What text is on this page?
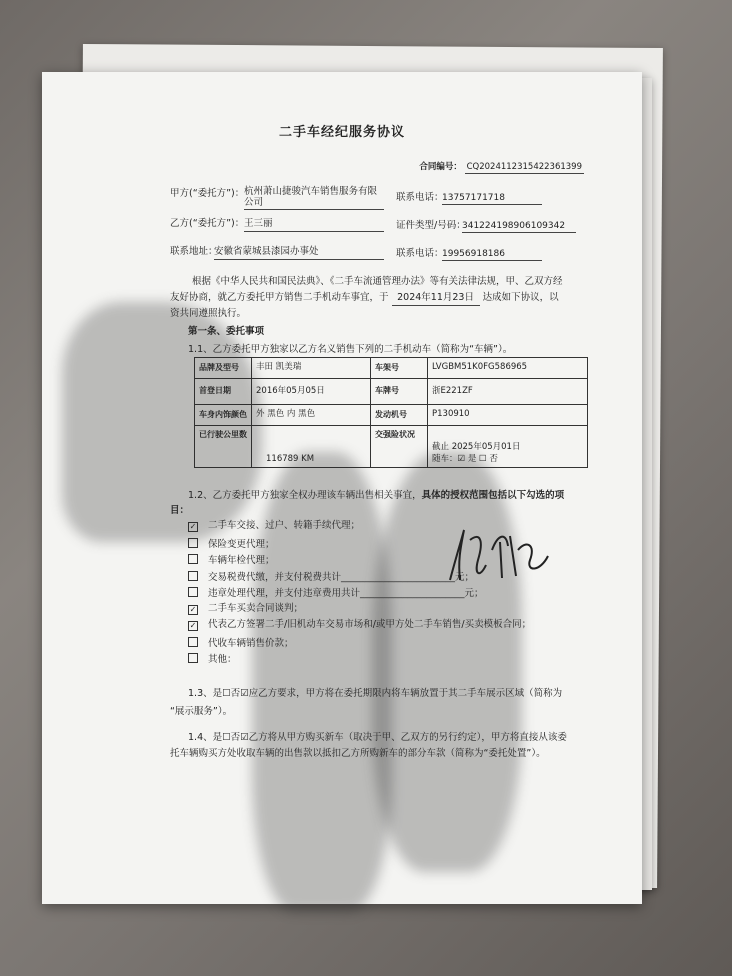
二手车经纪服务协议
合同编号： CQ20241123154223613​99
甲方(“委托方”)： 杭州萧山捷骏汽车销售服务有限公司	联系电话：
13757171718
乙方(“委托方”)： 王三丽	证件类型/号码：
341224198906109342
联系地址：
安徽省蒙城县漆园办事处	联系电话：
19956918186
根据《中华人民共和国民法典》、《二手车流通管理办法》等有关法律法规，甲、乙双方经
友好协商，就乙方委托甲方销售二手机动车事宜，于 2024年11月23日 达成如下协议，以
资共同遵照执行。
第一条、委托事项
1.1、乙方委托甲方独家以乙方名义销售下列的二手机动车（简称为“车辆”）。
品牌及型号	丰田 凯美瑞	车架号	LVGBM51K0FG586965
首登日期	2016年05月05日	车牌号	浙E221ZF
车身内饰颜色	外 黑色 内 黑色	发动机号	P130910
已行驶公里数	116789 KM	交强险状况	截止 2025年05月01日
随车：☑ 是 ☐ 否
1.2、乙方委托甲方独家全权办理该车辆出售相关事宜，具体的授权范围包括以下勾选的项
目：
✓ 二手车交接、过户、转籍手续代理；
保险变更代理；
车辆年检代理；
交易税费代缴，并支付税费共计________________________元；
违章处理代理，并支付违章费用共计______________________元；
✓ 二手车买卖合同谈判；
✓ 代表乙方签署二手/旧机动车交易市场和/或甲方处二手车销售/买卖模板合同；
代收车辆销售价款；
其他：
1.3、是☐否☑应乙方要求，甲方将在委托期限内将车辆放置于其二手车展示区域（简称为
“展示服务”）。
1.4、是☐否☑乙方将从甲方购买新车（取决于甲、乙双方的另行约定），甲方将直接从该委
托车辆购买方处收取车辆的出售款以抵扣乙方所购新车的部分车款（简称为“委托处置”）。
